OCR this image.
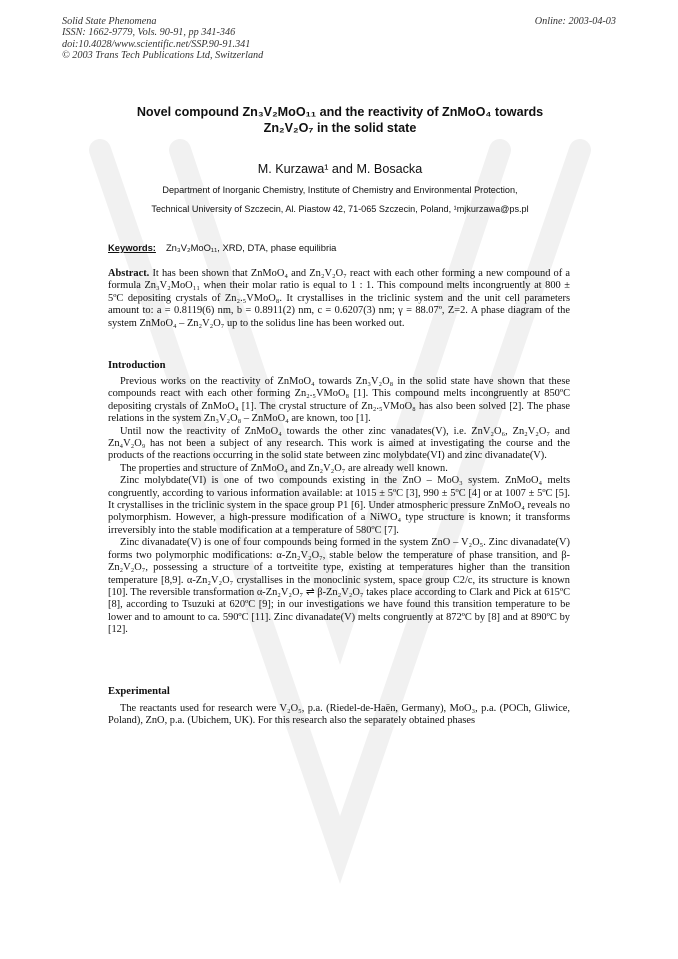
Solid State Phenomena
ISSN: 1662-9779, Vols. 90-91, pp 341-346
doi:10.4028/www.scientific.net/SSP.90-91.341
© 2003 Trans Tech Publications Ltd, Switzerland
Online: 2003-04-03
Novel compound Zn₃V₂MoO₁₁ and the reactivity of ZnMoO₄ towards
Zn₂V₂O₇ in the solid state
M. Kurzawa¹ and M. Bosacka
Department of Inorganic Chemistry, Institute of Chemistry and Environmental Protection,
Technical University of Szczecin, Al. Piastow 42, 71-065 Szczecin, Poland, ¹mjkurzawa@ps.pl
Keywords: Zn₃V₂MoO₁₁, XRD, DTA, phase equilibria

Abstract. It has been shown that ZnMoO₄ and Zn₂V₂O₇ react with each other forming a new compound of a formula Zn₃V₂MoO₁₁ when their molar ratio is equal to 1 : 1. This compound melts incongruently at 800 ± 5ºC depositing crystals of Zn₂.₅VMoO₈. It crystallises in the triclinic system and the unit cell parameters amount to: a = 0.8119(6) nm, b = 0.8911(2) nm, c = 0.6207(3) nm; γ = 88.07º, Z=2. A phase diagram of the system ZnMoO₄ – Zn₂V₂O₇ up to the solidus line has been worked out.

Introduction

Previous works on the reactivity of ZnMoO₄ towards Zn₃V₂O₈ in the solid state have shown that these compounds react with each other forming Zn₂.₅VMoO₈ [1]. This compound melts incongruently at 850ºC depositing crystals of ZnMoO₄ [1]. The crystal structure of Zn₂.₅VMoO₈ has also been solved [2]. The phase relations in the system Zn₃V₂O₈ – ZnMoO₄ are known, too [1].

Until now the reactivity of ZnMoO₄ towards the other zinc vanadates(V), i.e. ZnV₂O₆, Zn₂V₂O₇ and Zn₄V₂O₉ has not been a subject of any research. This work is aimed at investigating the course and the products of the reactions occurring in the solid state between zinc molybdate(VI) and zinc divanadate(V).

The properties and structure of ZnMoO₄ and Zn₂V₂O₇ are already well known.

Zinc molybdate(VI) is one of two compounds existing in the ZnO – MoO₃ system. ZnMoO₄ melts congruently, according to various information available: at 1015 ± 5ºC [3], 990 ± 5ºC [4] or at 1007 ± 5ºC [5]. It crystallises in the triclinic system in the space group P1 [6]. Under atmospheric pressure ZnMoO₄ reveals no polymorphism. However, a high-pressure modification of a NiWO₄ type structure is known; it transforms irreversibly into the stable modification at a temperature of 580ºC [7].

Zinc divanadate(V) is one of four compounds being formed in the system ZnO – V₂O₅. Zinc divanadate(V) forms two polymorphic modifications: α-Zn₂V₂O₇, stable below the temperature of phase transition, and β-Zn₂V₂O₇, possessing a structure of a tortveitite type, existing at temperatures higher than the transition temperature [8,9]. α-Zn₂V₂O₇ crystallises in the monoclinic system, space group C2/c, its structure is known [10]. The reversible transformation α-Zn₂V₂O₇ ⇌ β-Zn₂V₂O₇ takes place according to Clark and Pick at 615ºC [8], according to Tsuzuki at 620ºC [9]; in our investigations we have found this transition temperature to be lower and to amount to ca. 590ºC [11]. Zinc divanadate(V) melts congruently at 872ºC by [8] and at 890ºC by [12].

Experimental

The reactants used for research were V₂O₅, p.a. (Riedel-de-Haën, Germany), MoO₃, p.a. (POCh, Gliwice, Poland), ZnO, p.a. (Ubichem, UK). For this research also the separately obtained phases
